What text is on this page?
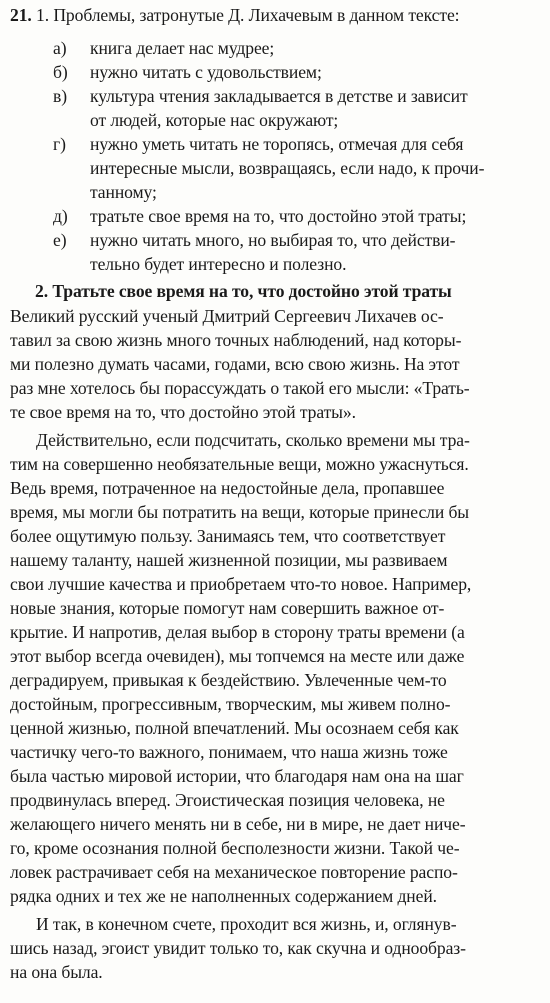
21. 1. Проблемы, затронутые Д. Лихачевым в данном тексте:
а) книга делает нас мудрее;
б) нужно читать с удовольствием;
в) культура чтения закладывается в детстве и зависит
от людей, которые нас окружают;
г) нужно уметь читать не торопясь, отмечая для себя
интересные мысли, возвращаясь, если надо, к прочи-
танному;
д) тратьте свое время на то, что достойно этой траты;
е) нужно читать много, но выбирая то, что действи-
тельно будет интересно и полезно.
2. Тратьте свое время на то, что достойно этой траты
Великий русский ученый Дмитрий Сергеевич Лихачев ос-
тавил за свою жизнь много точных наблюдений, над которы-
ми полезно думать часами, годами, всю свою жизнь. На этот
раз мне хотелось бы порассуждать о такой его мысли: «Трать-
те свое время на то, что достойно этой траты».
Действительно, если подсчитать, сколько времени мы тра-
тим на совершенно необязательные вещи, можно ужаснуться.
Ведь время, потраченное на недостойные дела, пропавшее
время, мы могли бы потратить на вещи, которые принесли бы
более ощутимую пользу. Занимаясь тем, что соответствует
нашему таланту, нашей жизненной позиции, мы развиваем
свои лучшие качества и приобретаем что-то новое. Например,
новые знания, которые помогут нам совершить важное от-
крытие. И напротив, делая выбор в сторону траты времени (а
этот выбор всегда очевиден), мы топчемся на месте или даже
деградируем, привыкая к бездействию. Увлеченные чем-то
достойным, прогрессивным, творческим, мы живем полно-
ценной жизнью, полной впечатлений. Мы осознаем себя как
частичку чего-то важного, понимаем, что наша жизнь тоже
была частью мировой истории, что благодаря нам она на шаг
продвинулась вперед. Эгоистическая позиция человека, не
желающего ничего менять ни в себе, ни в мире, не дает ниче-
го, кроме осознания полной бесполезности жизни. Такой че-
ловек растрачивает себя на механическое повторение распо-
рядка одних и тех же не наполненных содержанием дней.
И так, в конечном счете, проходит вся жизнь, и, оглянув-
шись назад, эгоист увидит только то, как скучна и однообраз-
на она была.
